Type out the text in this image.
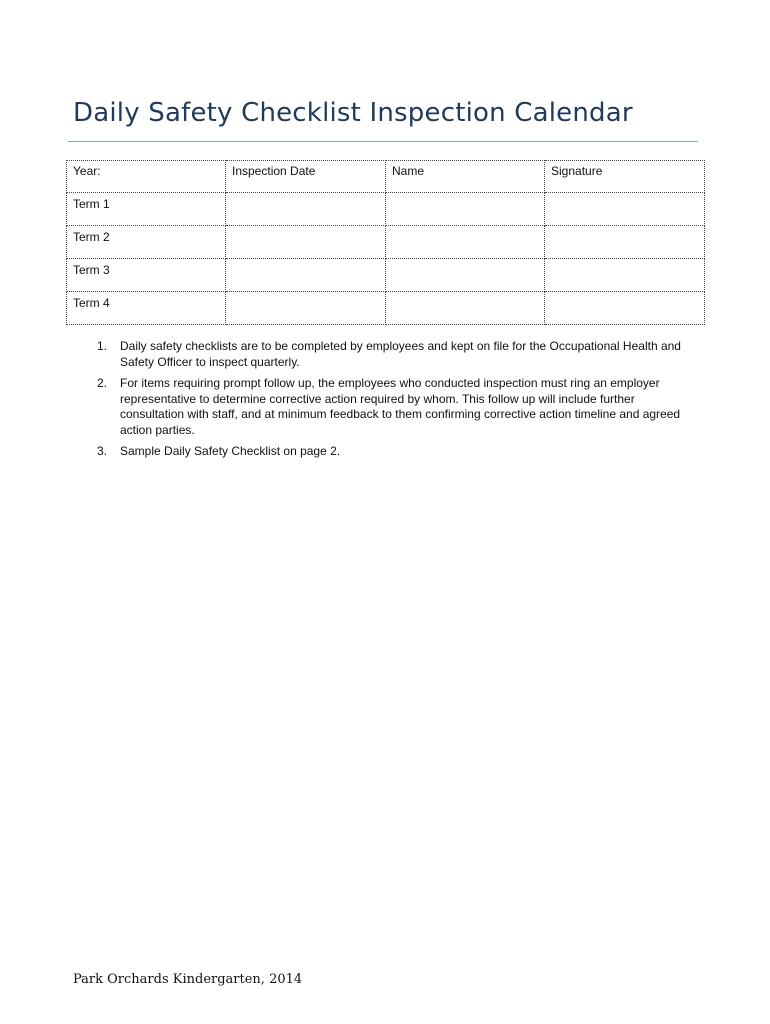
Daily Safety Checklist Inspection Calendar
Year:	Inspection Date	Name	Signature
Term 1			
Term 2			
Term 3			
Term 4			
1. Daily safety checklists are to be completed by employees and kept on file for the Occupational Health and Safety Officer to inspect quarterly.
2. For items requiring prompt follow up, the employees who conducted inspection must ring an employer representative to determine corrective action required by whom. This follow up will include further consultation with staff, and at minimum feedback to them confirming corrective action timeline and agreed action parties.
3. Sample Daily Safety Checklist on page 2.
Park Orchards Kindergarten, 2014
